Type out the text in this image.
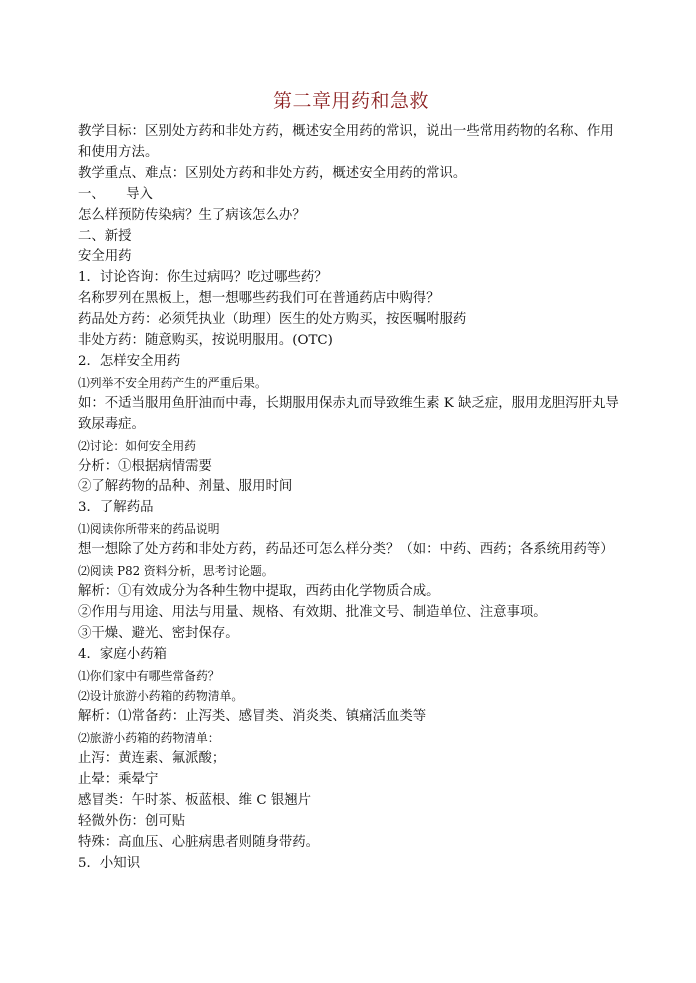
第二章用药和急救

教学目标：区别处方药和非处方药，概述安全用药的常识，说出一些常用药物的名称、作用和使用方法。

教学重点、难点：区别处方药和非处方药，概述安全用药的常识。

一、     导入

怎么样预防传染病？生了病该怎么办？

二、新授

安全用药

1．讨论咨询：你生过病吗？吃过哪些药？

名称罗列在黑板上，想一想哪些药我们可在普通药店中购得？

药品处方药：必须凭执业（助理）医生的处方购买，按医嘱咐服药

非处方药：随意购买，按说明服用。(OTC)

2．怎样安全用药

⑴列举不安全用药产生的严重后果。

如：不适当服用鱼肝油而中毒，长期服用保赤丸而导致维生素 K 缺乏症，服用龙胆泻肝丸导致尿毒症。

⑵讨论：如何安全用药

分析：①根据病情需要

②了解药物的品种、剂量、服用时间

3．了解药品

⑴阅读你所带来的药品说明

想一想除了处方药和非处方药，药品还可怎么样分类？（如：中药、西药；各系统用药等）

⑵阅读 P82 资料分析，思考讨论题。

解析：①有效成分为各种生物中提取，西药由化学物质合成。

②作用与用途、用法与用量、规格、有效期、批准文号、制造单位、注意事项。

③干燥、避光、密封保存。

4．家庭小药箱

⑴你们家中有哪些常备药？

⑵设计旅游小药箱的药物清单。

解析：⑴常备药：止泻类、感冒类、消炎类、镇痛活血类等

⑵旅游小药箱的药物清单：

止泻：黄连素、氟派酸；

止晕：乘晕宁

感冒类：午时茶、板蓝根、维 C 银翘片

轻微外伤：创可贴

特殊：高血压、心脏病患者则随身带药。

5．小知识
